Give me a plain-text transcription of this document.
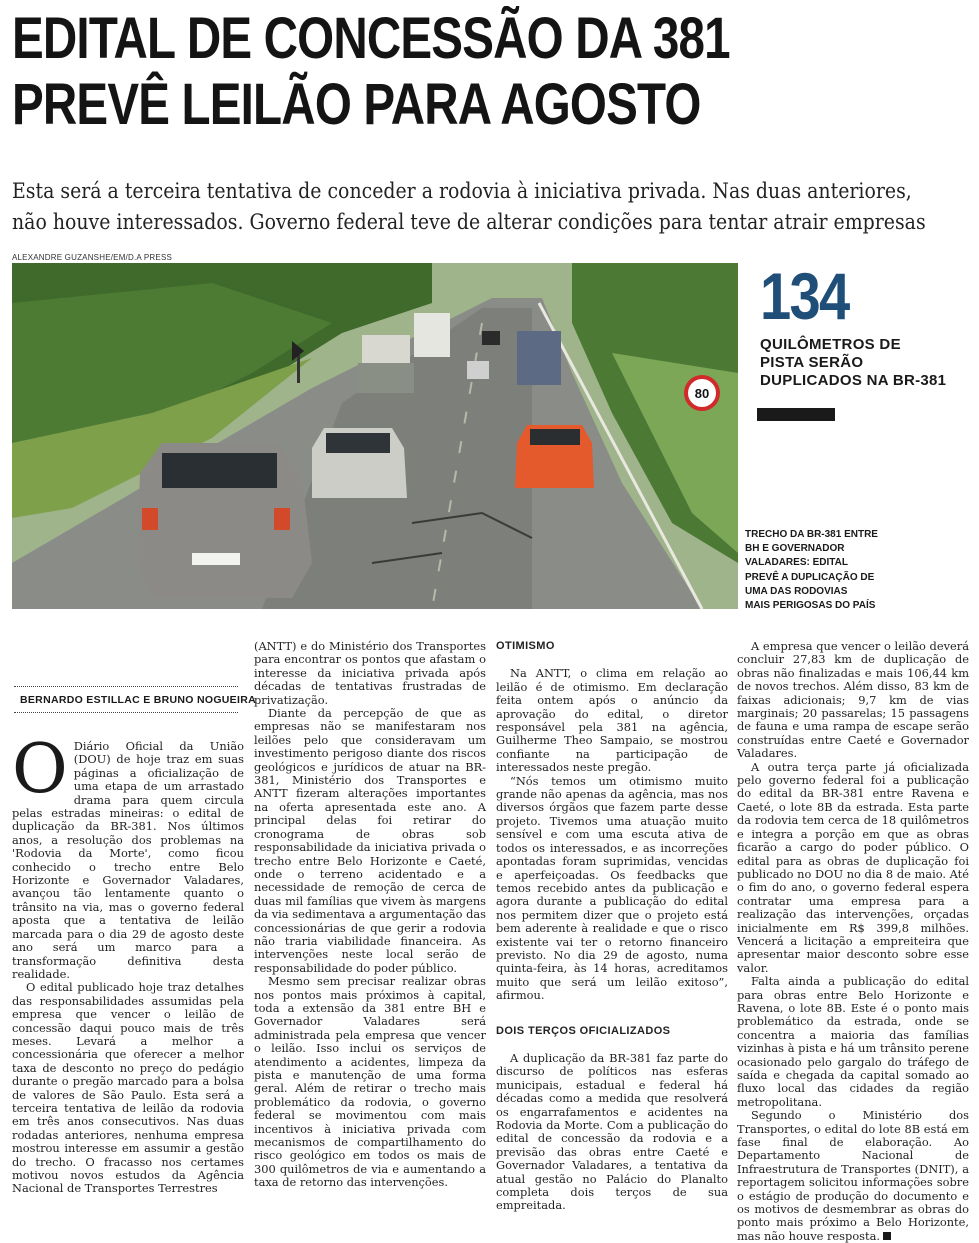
EDITAL DE CONCESSÃO DA 381
PREVÊ LEILÃO PARA AGOSTO
Esta será a terceira tentativa de conceder a rodovia à iniciativa privada. Nas duas anteriores,
não houve interessados. Governo federal teve de alterar condições para tentar atrair empresas
ALEXANDRE GUZANSHE/EM/D.A PRESS
80
134
QUILÔMETROS DE
PISTA SERÃO
DUPLICADOS NA BR-381
TRECHO DA BR-381 ENTRE
BH E GOVERNADOR
VALADARES: EDITAL
PREVÊ A DUPLICAÇÃO DE
UMA DAS RODOVIAS
MAIS PERIGOSAS DO PAÍS
BERNARDO ESTILLAC E BRUNO NOGUEIRA

O Diário Oficial da União (DOU) de hoje traz em suas páginas a oficialização de uma etapa de um arrastado drama para quem circula pelas estradas mineiras: o edital de duplicação da BR-381. Nos últimos anos, a resolução dos problemas na 'Rodovia da Morte', como ficou conhecido o trecho entre Belo Horizonte e Governador Valadares, avançou tão lentamente quanto o trânsito na via, mas o governo federal aposta que a tentativa de leilão marcada para o dia 29 de agosto deste ano será um marco para a transformação definitiva desta realidade.

O edital publicado hoje traz detalhes das responsabilidades assumidas pela empresa que vencer o leilão de concessão daqui pouco mais de três meses. Levará a melhor a concessionária que oferecer a melhor taxa de desconto no preço do pedágio durante o pregão marcado para a bolsa de valores de São Paulo. Esta será a terceira tentativa de leilão da rodovia em três anos consecutivos. Nas duas rodadas anteriores, nenhuma empresa mostrou interesse em assumir a gestão do trecho. O fracasso nos certames motivou novos estudos da Agência Nacional de Transportes Terrestres

(ANTT) e do Ministério dos Transportes para encontrar os pontos que afastam o interesse da iniciativa privada após décadas de tentativas frustradas de privatização.

Diante da percepção de que as empresas não se manifestaram nos leilões pelo que consideravam um investimento perigoso diante dos riscos geológicos e jurídicos de atuar na BR-381, Ministério dos Transportes e ANTT fizeram alterações importantes na oferta apresentada este ano. A principal delas foi retirar do cronograma de obras sob responsabilidade da iniciativa privada o trecho entre Belo Horizonte e Caeté, onde o terreno acidentado e a necessidade de remoção de cerca de duas mil famílias que vivem às margens da via sedimentava a argumentação das concessionárias de que gerir a rodovia não traria viabilidade financeira. As intervenções neste local serão de responsabilidade do poder público.

Mesmo sem precisar realizar obras nos pontos mais próximos à capital, toda a extensão da 381 entre BH e Governador Valadares será administrada pela empresa que vencer o leilão. Isso inclui os serviços de atendimento a acidentes, limpeza da pista e manutenção de uma forma geral. Além de retirar o trecho mais problemático da rodovia, o governo federal se movimentou com mais incentivos à iniciativa privada com mecanismos de compartilhamento do risco geológico em todos os mais de 300 quilômetros de via e aumentando a taxa de retorno das intervenções.

OTIMISMO

Na ANTT, o clima em relação ao leilão é de otimismo. Em declaração feita ontem após o anúncio da aprovação do edital, o diretor responsável pela 381 na agência, Guilherme Theo Sampaio, se mostrou confiante na participação de interessados neste pregão.

“Nós temos um otimismo muito grande não apenas da agência, mas nos diversos órgãos que fazem parte desse projeto. Tivemos uma atuação muito sensível e com uma escuta ativa de todos os interessados, e as incorreções apontadas foram suprimidas, vencidas e aperfeiçoadas. Os feedbacks que temos recebido antes da publicação e agora durante a publicação do edital nos permitem dizer que o projeto está bem aderente à realidade e que o risco existente vai ter o retorno financeiro previsto. No dia 29 de agosto, numa quinta-feira, às 14 horas, acreditamos muito que será um leilão exitoso”, afirmou.

DOIS TERÇOS OFICIALIZADOS

A duplicação da BR-381 faz parte do discurso de políticos nas esferas municipais, estadual e federal há décadas como a medida que resolverá os engarrafamentos e acidentes na Rodovia da Morte. Com a publicação do edital de concessão da rodovia e a previsão das obras entre Caeté e Governador Valadares, a tentativa da atual gestão no Palácio do Planalto completa dois terços de sua empreitada.

A empresa que vencer o leilão deverá concluir 27,83 km de duplicação de obras não finalizadas e mais 106,44 km de novos trechos. Além disso, 83 km de faixas adicionais; 9,7 km de vias marginais; 20 passarelas; 15 passagens de fauna e uma rampa de escape serão construídas entre Caeté e Governador Valadares.

A outra terça parte já oficializada pelo governo federal foi a publicação do edital da BR-381 entre Ravena e Caeté, o lote 8B da estrada. Esta parte da rodovia tem cerca de 18 quilômetros e integra a porção em que as obras ficarão a cargo do poder público. O edital para as obras de duplicação foi publicado no DOU no dia 8 de maio. Até o fim do ano, o governo federal espera contratar uma empresa para a realização das intervenções, orçadas inicialmente em R$ 399,8 milhões. Vencerá a licitação a empreiteira que apresentar maior desconto sobre esse valor.

Falta ainda a publicação do edital para obras entre Belo Horizonte e Ravena, o lote 8B. Este é o ponto mais problemático da estrada, onde se concentra a maioria das famílias vizinhas à pista e há um trânsito perene ocasionado pelo gargalo do tráfego de saída e chegada da capital somado ao fluxo local das cidades da região metropolitana.

Segundo o Ministério dos Transportes, o edital do lote 8B está em fase final de elaboração. Ao Departamento Nacional de Infraestrutura de Transportes (DNIT), a reportagem solicitou informações sobre o estágio de produção do documento e os motivos de desmembrar as obras do ponto mais próximo a Belo Horizonte, mas não houve resposta.
